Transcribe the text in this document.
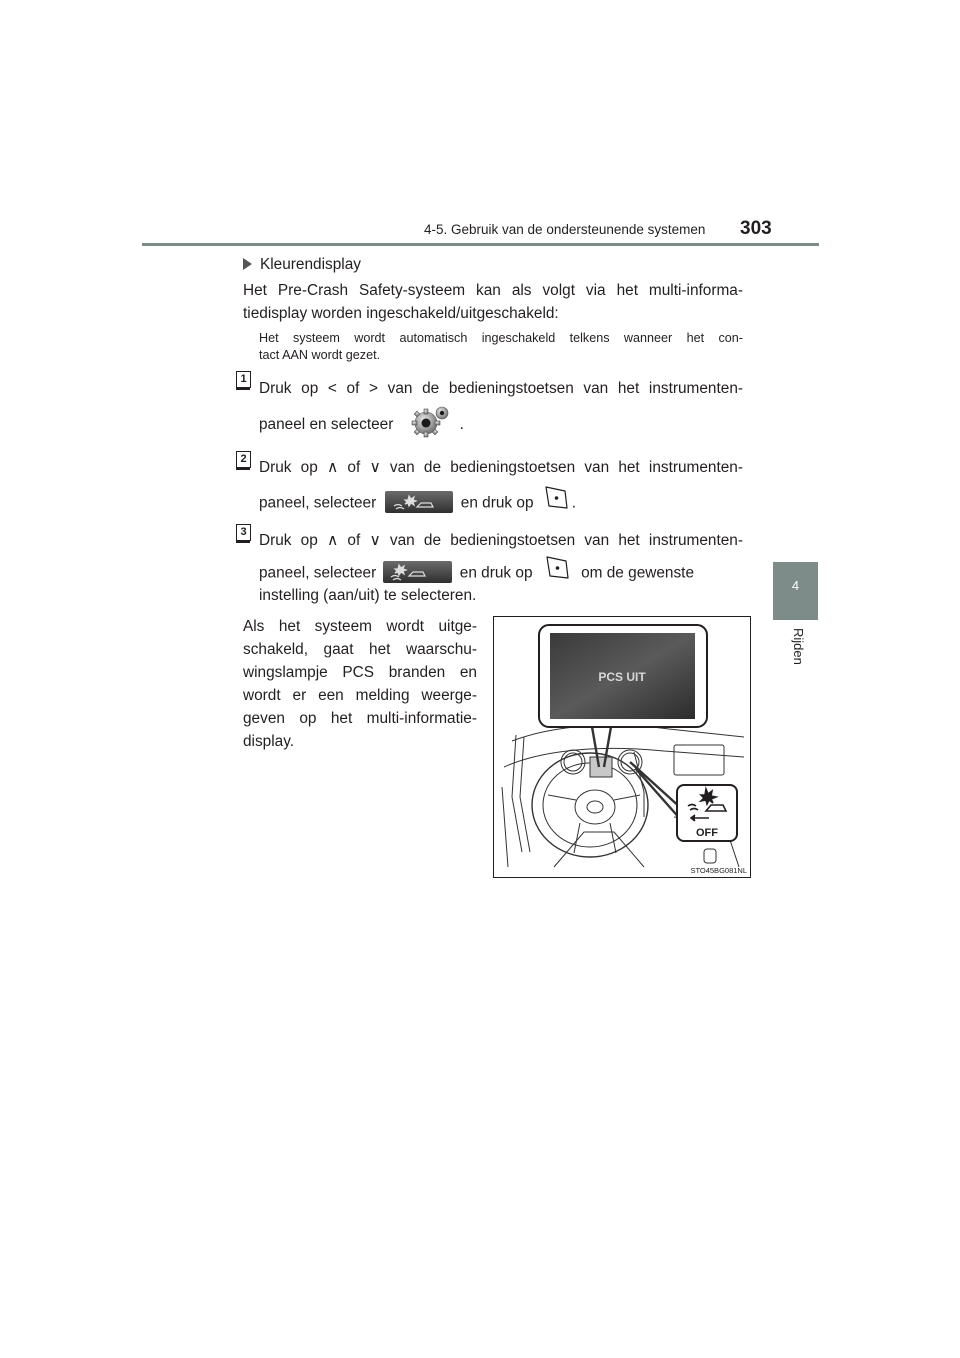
4-5. Gebruik van de ondersteunende systemen 303
4
Rijden
Kleurendisplay
Het Pre-Crash Safety-systeem kan als volgt via het multi-informa-
tiedisplay worden ingeschakeld/uitgeschakeld:
Het systeem wordt automatisch ingeschakeld telkens wanneer het con-
tact AAN wordt gezet.
1
Druk op < of > van de bedieningstoetsen van het instrumenten-
paneel en selecteer	.
2 Druk op ∧ of ∨ van de bedieningstoetsen van het instrumenten-
paneel, selecteer	en druk op .
3 Druk op ∧ of ∨ van de bedieningstoetsen van het instrumenten-
paneel, selecteer	en druk op	om de gewenste
instelling (aan/uit) te selecteren.
Als het systeem wordt uitge-
schakeld, gaat het waarschu-
wingslampje PCS branden en
wordt er een melding weerge-
geven op het multi-informatie-
display.
PCS UIT
OFF
STO45BG081NL
